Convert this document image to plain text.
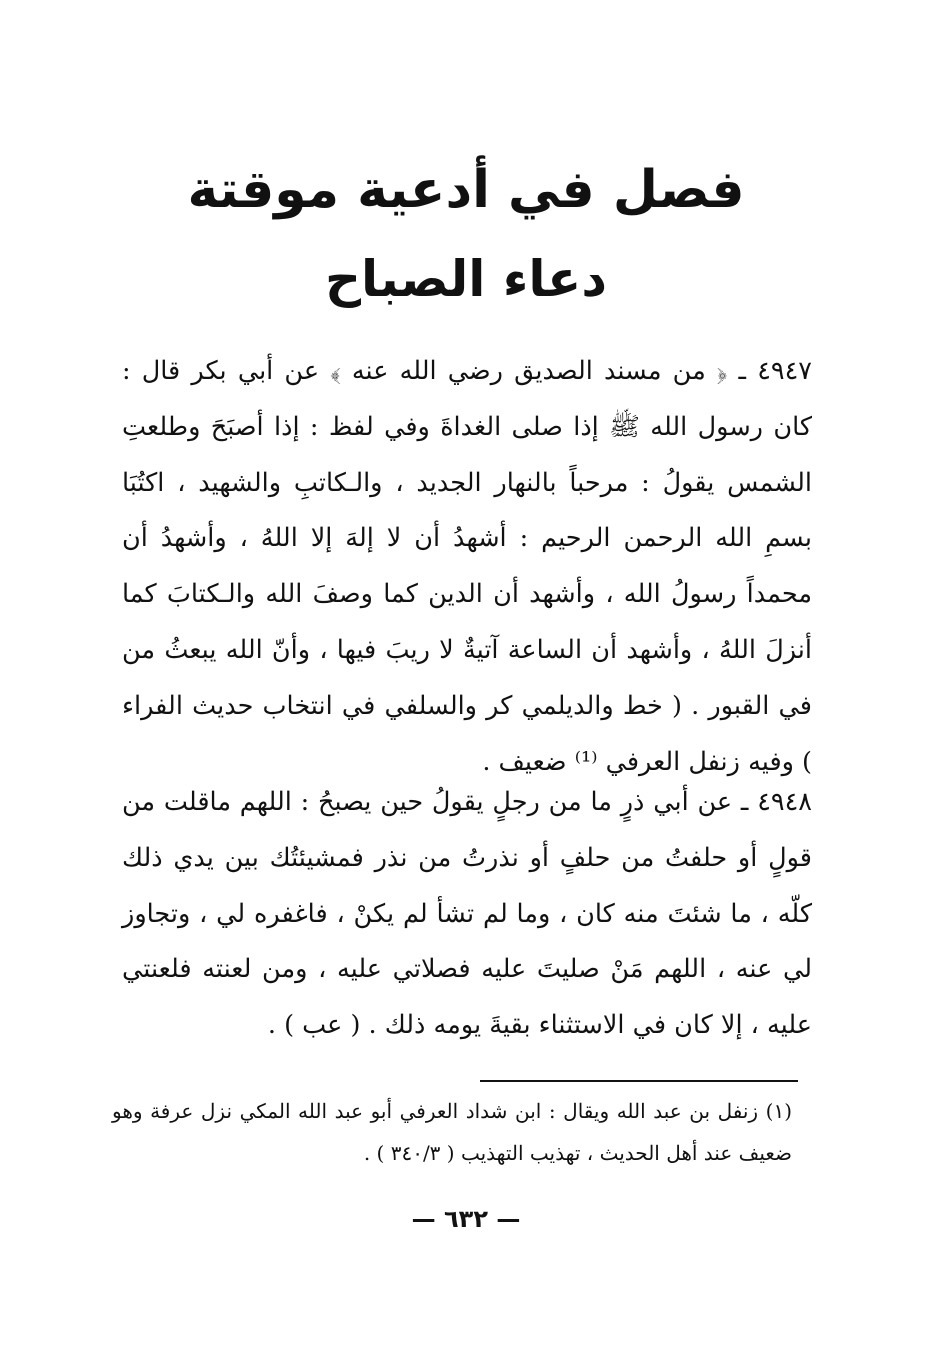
فصل في أدعية موقتة
دعاء الصباح

٤٩٤٧ ـ ﴿ من مسند الصديق رضي الله عنه ﴾ عن أبي بكر قال : كان رسول الله ﷺ إذا صلى الغداةَ وفي لفظ : إذا أصبَحَ وطلعتِ الشمس يقولُ : مرحباً بالنهار الجديد ، والـكاتبِ والشهيد ، اكتُبَا بسمِ الله الرحمن الرحيم : أشهدُ أن لا إلهَ إلا اللهُ ، وأشهدُ أن محمداً رسولُ الله ، وأشهد أن الدين كما وصفَ الله والـكتابَ كما أنزلَ اللهُ ، وأشهد أن الساعة آتيةٌ لا ريبَ فيها ، وأنّ الله يبعثُ من في القبور . ( خط والديلمي كر والسلفي في انتخاب حديث الفراء ) وفيه زنفل العرفي ⁽¹⁾ ضعيف .

٤٩٤٨ ـ عن أبي ذرٍ ما من رجلٍ يقولُ حين يصبحُ : اللهم ماقلت من قولٍ أو حلفتُ من حلفٍ أو نذرتُ من نذر فمشيئتُك بين يدي ذلك كلّه ، ما شئتَ منه كان ، وما لم تشأ لم يكنْ ، فاغفره لي ، وتجاوز لي عنه ، اللهم مَنْ صليتَ عليه فصلاتي عليه ، ومن لعنته فلعنتي عليه ، إلا كان في الاستثناء بقيةَ يومه ذلك . ( عب ) .

(١) زنفل بن عبد الله ويقال : ابن شداد العرفي أبو عبد الله المكي نزل عرفة وهو ضعيف عند أهل الحديث ، تهذيب التهذيب ( ٣٤٠/٣ ) .

— ٦٣٢ —
